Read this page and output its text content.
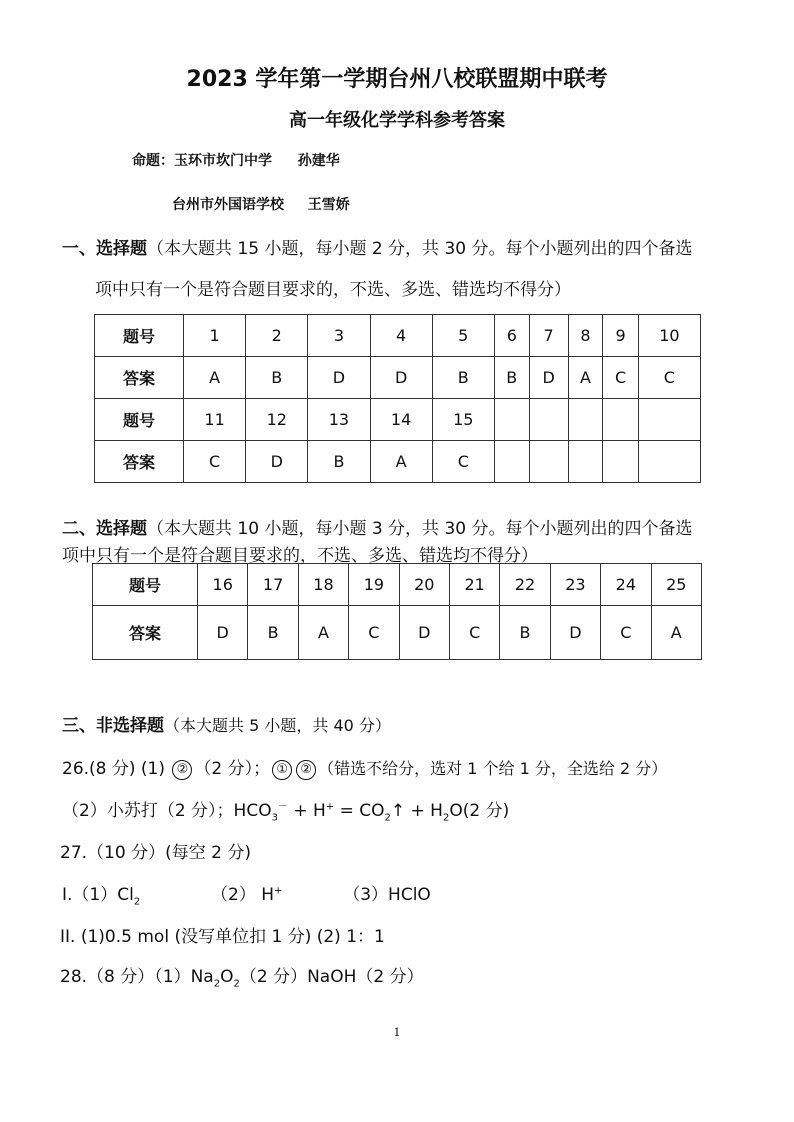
2023 学年第一学期台州八校联盟期中联考
高一年级化学学科参考答案
命题：玉环市坎门中学 孙建华
台州市外国语学校 王雪娇
一、选择题（本大题共 15 小题，每小题 2 分，共 30 分。每个小题列出的四个备选
项中只有一个是符合题目要求的，不选、多选、错选均不得分）
题号	1	2	3	4	5	6	7	8	9	10
答案	A	B	D	D	B	B	D	A	C	C
题号	11	12	13	14	15					
答案	C	D	B	A	C					
二、选择题（本大题共 10 小题，每小题 3 分，共 30 分。每个小题列出的四个备选
项中只有一个是符合题目要求的，不选、多选、错选均不得分）
题号	16	17	18	19	20	21	22	23	24	25
答案	D	B	A	C	D	C	B	D	C	A
三、非选择题（本大题共 5 小题，共 40 分）
26.(8 分) (1) ② （2 分）； ① ② （错选不给分，选对 1 个给 1 分，全选给 2 分）
（2）小苏打（2 分）；$HCO_3^- + H^+$ = $CO_2↑ + H_2O(2$ 分)
27.（10 分）(每空 2 分)
$Ⅰ.(1)Cl_2$	（2） H+	（3）HClO
II. (1)0.5 mol (没写单位扣 1 分) (2) 1：1
28.（8 分）$(1)Na_2O_2(2$ 分）NaOH（2 分）
1
